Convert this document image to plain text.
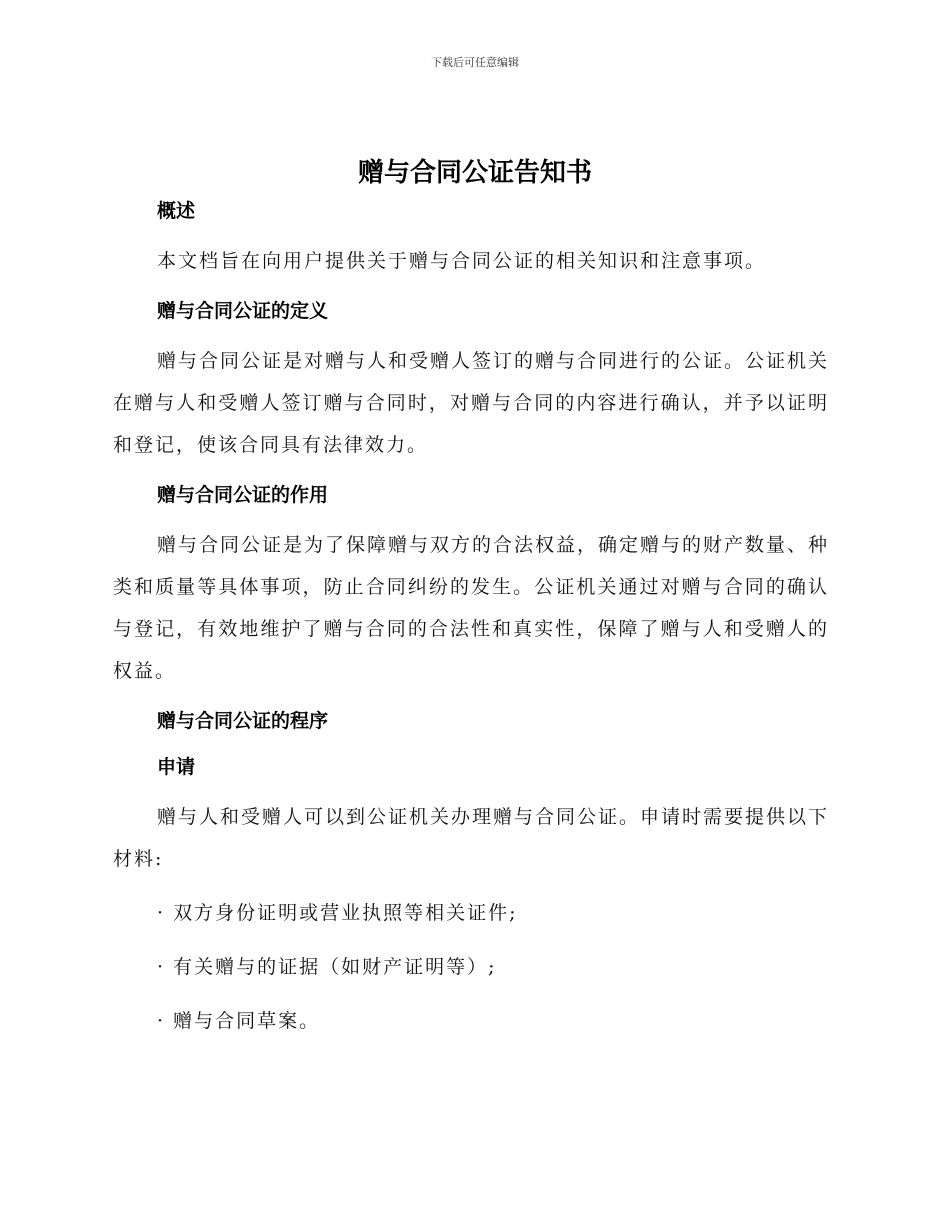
下载后可任意编辑
赠与合同公证告知书

概述

本文档旨在向用户提供关于赠与合同公证的相关知识和注意事项。

赠与合同公证的定义

赠与合同公证是对赠与人和受赠人签订的赠与合同进行的公证。公证机关在赠与人和受赠人签订赠与合同时，对赠与合同的内容进行确认，并予以证明和登记，使该合同具有法律效力。

赠与合同公证的作用

赠与合同公证是为了保障赠与双方的合法权益，确定赠与的财产数量、种类和质量等具体事项，防止合同纠纷的发生。公证机关通过对赠与合同的确认与登记，有效地维护了赠与合同的合法性和真实性，保障了赠与人和受赠人的权益。

赠与合同公证的程序

申请

赠与人和受赠人可以到公证机关办理赠与合同公证。申请时需要提供以下材料:

· 双方身份证明或营业执照等相关证件;

· 有关赠与的证据（如财产证明等）;

· 赠与合同草案。
